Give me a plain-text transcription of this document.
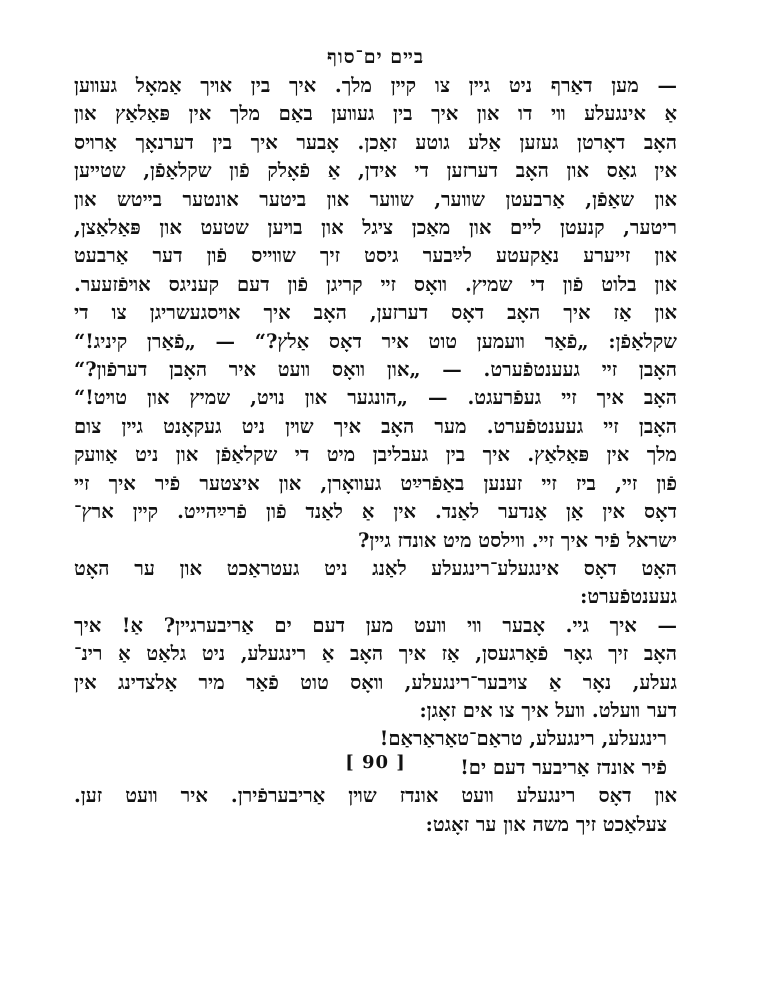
בײם ים־סוף

— מען דאַרף ניט גײן צו קײן מלך. איך בין אױך אַמאָל געװען
אַ אינגעלע װי דו און איך בין געװען באַם מלך אין פּאַלאַץ און
האָב דאָרטן געזען אַלע גוטע זאַכן. אָבער איך בין דערנאָך אַרױס
אין גאַס און האָב דערזען די אידן, אַ פֿאָלק פֿון שקלאַפֿן, שטײען
און שאַפֿן, אַרבעטן שװער, שװער און ביטער אונטער בײטש און
ריטער, קנעטן לײם און מאַכן ציגל און בױען שטעט און פּאַלאַצן,
און זײערע נאַקעטע לײַבער גיסט זיך שװײס פֿון דער אַרבעט
און בלוט פֿון די שמיץ. װאָס זײ קריגן פֿון דעם קעניגס אױפֿזעער.
און אַז איך האָב דאָס דערזען, האָב איך אױסגעשריגן צו די
שקלאַפֿן: „פֿאַר װעמען טוט איר דאָס אַלץ?“ — „פֿאַרן קיניג!“
האָבן זײ געענטפֿערט. — „און װאָס װעט איר האָבן דערפֿון?“
האָב איך זײ געפֿרעגט. — „הונגער און נױט, שמיץ און טױט!“
האָבן זײ געענטפֿערט. מער האָב איך שױן ניט געקאָנט גײן צום
מלך אין פּאַלאַץ. איך בין געבליבן מיט די שקלאַפֿן און ניט אַװעק
פֿון זײ, ביז זײ זענען באַפֿרײַט געװאָרן, און איצטער פֿיר איך זײ
דאָס אין אַן אַנדער לאַנד. אין אַ לאַנד פֿון פֿרײַהײט. קײן ארץ־
ישראל פֿיר איך זײ. װילסט מיט אונדז גײן?

האָט דאָס אינגעלע־רינגעלע לאַנג ניט געטראַכט און ער האָט
געענטפֿערט:

— איך גײ. אָבער װי װעט מען דעם ים אַריבערגײן? אַ! איך
האָב זיך גאָר פֿאַרגעסן, אַז איך האָב אַ רינגעלע, ניט גלאַט אַ רינ־
געלע, נאָר אַ צױבער־רינגעלע, װאָס טוט פֿאַר מיר אַלצדינג אין
דער װעלט. װעל איך צו אים זאָגן:

רינגעלע, רינגעלע, טראַם־טאַראַראַם!
פֿיר אונדז אַריבער דעם ים!
און דאָס רינגעלע װעט אונדז שױן אַריבערפֿירן. איר װעט זען.
צעלאַכט זיך משה און ער זאָגט:
[ 90 ]
